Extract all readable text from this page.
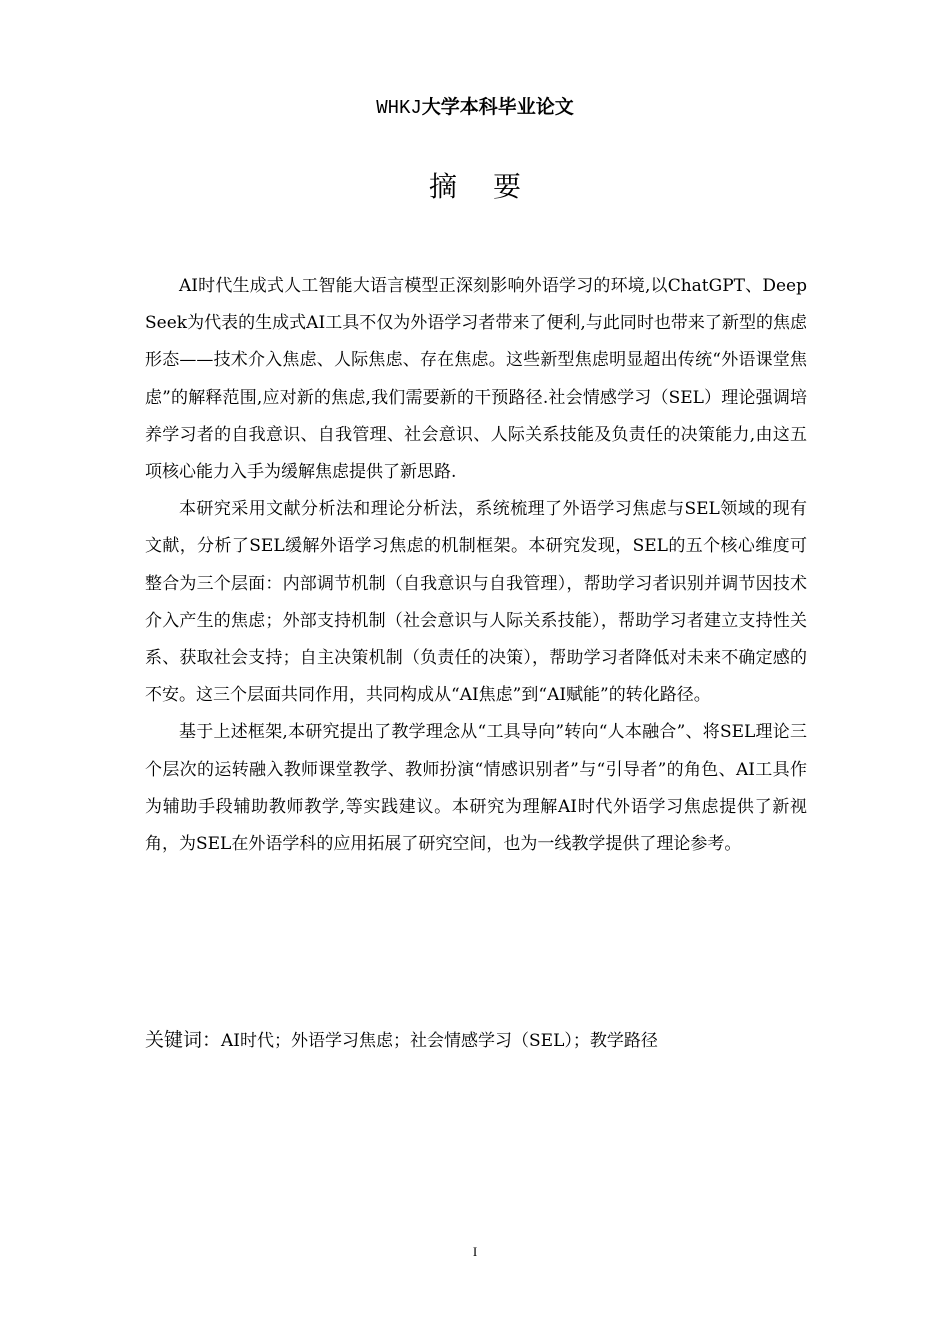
WHKJ大学本科毕业论文
摘要

AI时代生成式人工智能大语言模型正深刻影响外语学习的环境,以ChatGPT、DeepSeek为代表的生成式AI工具不仅为外语学习者带来了便利,与此同时也带来了新型的焦虑形态——技术介入焦虑、人际焦虑、存在焦虑。这些新型焦虑明显超出传统“外语课堂焦虑”的解释范围,应对新的焦虑,我们需要新的干预路径.社会情感学习（SEL）理论强调培养学习者的自我意识、自我管理、社会意识、人际关系技能及负责任的决策能力,由这五项核心能力入手为缓解焦虑提供了新思路.

本研究采用文献分析法和理论分析法，系统梳理了外语学习焦虑与SEL领域的现有文献，分析了SEL缓解外语学习焦虑的机制框架。本研究发现，SEL的五个核心维度可整合为三个层面：内部调节机制（自我意识与自我管理），帮助学习者识别并调节因技术介入产生的焦虑；外部支持机制（社会意识与人际关系技能），帮助学习者建立支持性关系、获取社会支持；自主决策机制（负责任的决策），帮助学习者降低对未来不确定感的不安。这三个层面共同作用，共同构成从“AI焦虑”到“AI赋能”的转化路径。

基于上述框架,本研究提出了教学理念从“工具导向”转向“人本融合”、将SEL理论三个层次的运转融入教师课堂教学、教师扮演“情感识别者”与“引导者”的角色、AI工具作为辅助手段辅助教师教学,等实践建议。本研究为理解AI时代外语学习焦虑提供了新视角，为SEL在外语学科的应用拓展了研究空间，也为一线教学提供了理论参考。

关键词：AI时代；外语学习焦虑；社会情感学习（SEL）；教学路径
I
